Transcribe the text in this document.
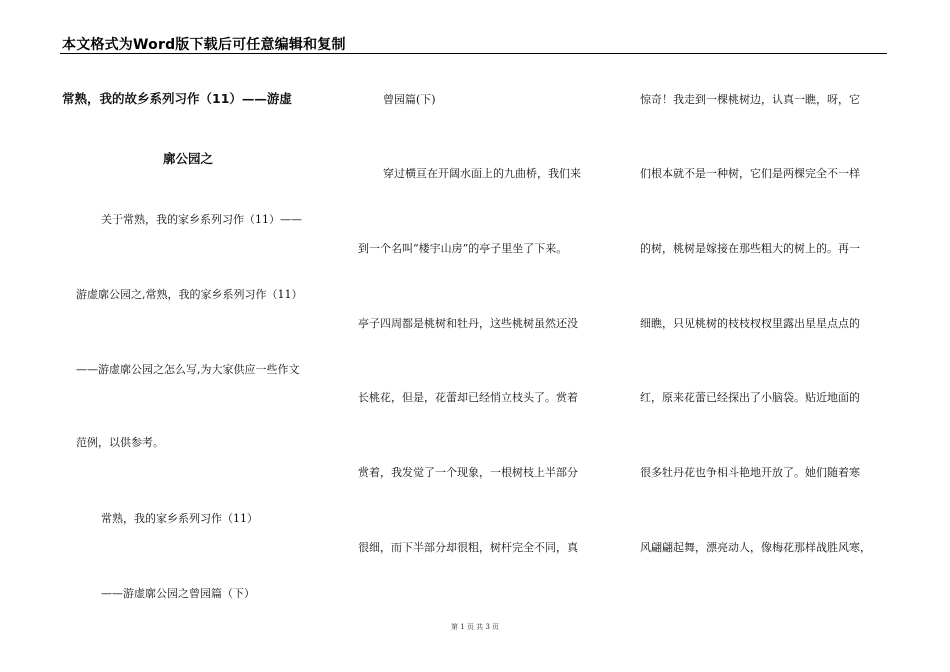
本文格式为Word版下载后可任意编辑和复制
常熟，我的故乡系列习作（11）——游虚
廓公园之
关于常熟，我的家乡系列习作（11）——
游虚廓公园之,常熟，我的家乡系列习作（11）
——游虚廓公园之怎么写,为大家供应一些作文
范例，以供参考。
常熟，我的家乡系列习作（11）
——游虚廓公园之曾园篇（下）
曾园篇(下)
穿过横亘在开阔水面上的九曲桥，我们来
到一个名叫“楼宇山房”的亭子里坐了下来。
亭子四周都是桃树和牡丹，这些桃树虽然还没
长桃花，但是，花蕾却已经悄立枝头了。赏着
赏着，我发觉了一个现象，一根树枝上半部分
很细，而下半部分却很粗，树杆完全不同，真
惊奇！我走到一棵桃树边，认真一瞧，呀，它
们根本就不是一种树，它们是两棵完全不一样
的树，桃树是嫁接在那些粗大的树上的。再一
细瞧，只见桃树的枝枝杈杈里露出星星点点的
红，原来花蕾已经探出了小脑袋。贴近地面的
很多牡丹花也争相斗艳地开放了。她们随着寒
风翩翩起舞，漂亮动人，像梅花那样战胜风寒，
第 1 页 共 3 页
